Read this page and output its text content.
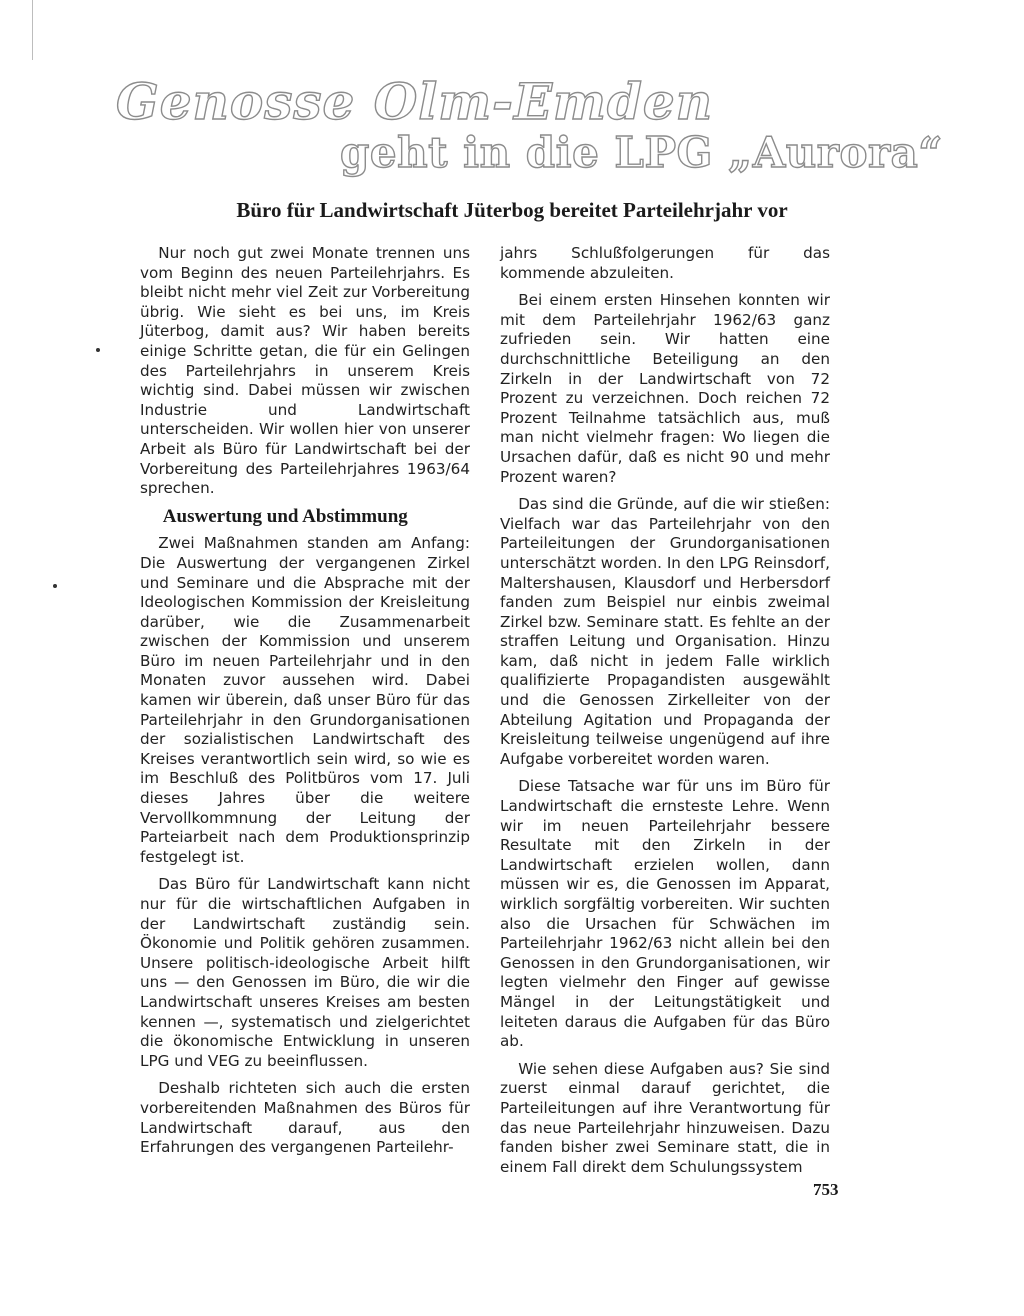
Genosse Olm-Emden
geht in die LPG „Aurora“
Büro für Landwirtschaft Jüterbog bereitet Parteilehrjahr vor

Nur noch gut zwei Monate trennen uns vom Beginn des neuen Parteilehrjahrs. Es bleibt nicht mehr viel Zeit zur Vorbereitung übrig. Wie sieht es bei uns, im Kreis Jüterbog, damit aus? Wir haben bereits einige Schritte getan, die für ein Gelingen des Parteilehrjahrs in unserem Kreis wichtig sind. Dabei müssen wir zwischen Industrie und Landwirtschaft unterscheiden. Wir wollen hier von unserer Arbeit als Büro für Landwirtschaft bei der Vorbereitung des Parteilehrjahres 1963/64 sprechen.

Auswertung und Abstimmung

Zwei Maßnahmen standen am Anfang: Die Auswertung der vergangenen Zirkel und Seminare und die Absprache mit der Ideologischen Kommission der Kreisleitung darüber, wie die Zusammenarbeit zwischen der Kommission und unserem Büro im neuen Parteilehrjahr und in den Monaten zuvor aussehen wird. Dabei kamen wir überein, daß unser Büro für das Parteilehrjahr in den Grundorganisationen der sozialistischen Landwirtschaft des Kreises verantwortlich sein wird, so wie es im Beschluß des Politbüros vom 17. Juli dieses Jahres über die weitere Vervollkommnung der Leitung der Parteiarbeit nach dem Produktionsprinzip festgelegt ist.

Das Büro für Landwirtschaft kann nicht nur für die wirtschaftlichen Aufgaben in der Landwirtschaft zuständig sein. Ökonomie und Politik gehören zusammen. Unsere politisch-ideologische Arbeit hilft uns — den Genossen im Büro, die wir die Landwirtschaft unseres Kreises am besten kennen —, systematisch und zielgerichtet die ökonomische Entwicklung in unseren LPG und VEG zu beeinflussen.

Deshalb richteten sich auch die ersten vorbereitenden Maßnahmen des Büros für Landwirtschaft darauf, aus den Erfahrungen des vergangenen Parteilehr-

jahrs Schlußfolgerungen für das kommende abzuleiten.

Bei einem ersten Hinsehen konnten wir mit dem Parteilehrjahr 1962/63 ganz zufrieden sein. Wir hatten eine durchschnittliche Beteiligung an den Zirkeln in der Landwirtschaft von 72 Prozent zu verzeichnen. Doch reichen 72 Prozent Teilnahme tatsächlich aus, muß man nicht vielmehr fragen: Wo liegen die Ursachen dafür, daß es nicht 90 und mehr Prozent waren?

Das sind die Gründe, auf die wir stießen: Vielfach war das Parteilehrjahr von den Parteileitungen der Grundorganisationen unterschätzt worden. In den LPG Reinsdorf, Maltershausen, Klausdorf und Herbersdorf fanden zum Beispiel nur einbis zweimal Zirkel bzw. Seminare statt. Es fehlte an der straffen Leitung und Organisation. Hinzu kam, daß nicht in jedem Falle wirklich qualifizierte Propagandisten ausgewählt und die Genossen Zirkelleiter von der Abteilung Agitation und Propaganda der Kreisleitung teilweise ungenügend auf ihre Aufgabe vorbereitet worden waren.

Diese Tatsache war für uns im Büro für Landwirtschaft die ernsteste Lehre. Wenn wir im neuen Parteilehrjahr bessere Resultate mit den Zirkeln in der Landwirtschaft erzielen wollen, dann müssen wir es, die Genossen im Apparat, wirklich sorgfältig vorbereiten. Wir suchten also die Ursachen für Schwächen im Parteilehrjahr 1962/63 nicht allein bei den Genossen in den Grundorganisationen, wir legten vielmehr den Finger auf gewisse Mängel in der Leitungstätigkeit und leiteten daraus die Aufgaben für das Büro ab.

Wie sehen diese Aufgaben aus? Sie sind zuerst einmal darauf gerichtet, die Parteileitungen auf ihre Verantwortung für das neue Parteilehrjahr hinzuweisen. Dazu fanden bisher zwei Seminare statt, die in einem Fall direkt dem Schulungssystem

753
